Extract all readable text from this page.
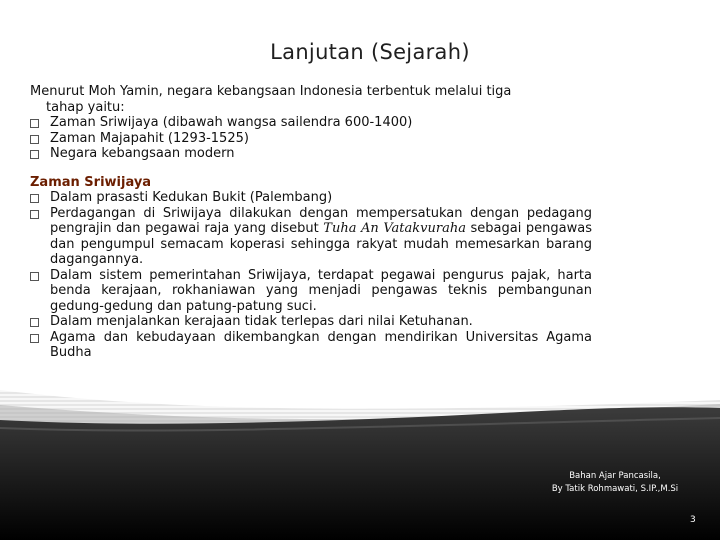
Lanjutan (Sejarah)
Menurut Moh Yamin, negara kebangsaan Indonesia terbentuk melalui tiga
tahap yaitu:
Zaman Sriwijaya (dibawah wangsa sailendra 600-1400)
Zaman Majapahit (1293-1525)
Negara kebangsaan modern
Zaman Sriwijaya
Dalam prasasti Kedukan Bukit (Palembang)
Perdagangan di Sriwijaya dilakukan dengan mempersatukan dengan pedagang pengrajin dan pegawai raja yang disebut Tuha An Vatakvuraha sebagai pengawas dan pengumpul semacam koperasi sehingga rakyat mudah memesarkan barang dagangannya.
Dalam sistem pemerintahan Sriwijaya, terdapat pegawai pengurus pajak, harta benda kerajaan, rokhaniawan yang menjadi pengawas teknis pembangunan gedung-gedung dan patung-patung suci.
Dalam menjalankan kerajaan tidak terlepas dari nilai Ketuhanan.
Agama dan kebudayaan dikembangkan dengan mendirikan Universitas Agama Budha
Bahan Ajar Pancasila,
By Tatik Rohmawati, S.IP.,M.Si
3
